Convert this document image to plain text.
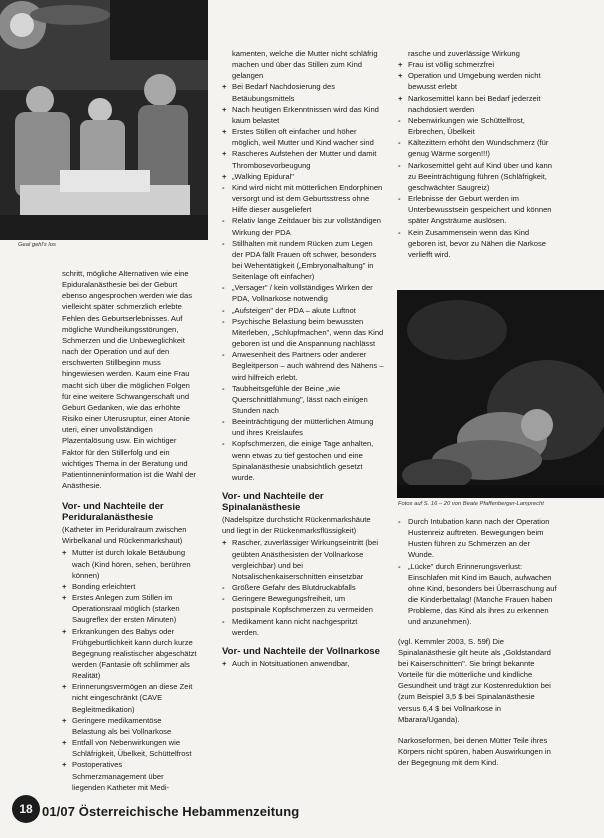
Geal gehl's los
Fotos auf S. 16 – 20 von Beate Pfaffenberger-Lamprecht

schritt, mögliche Alternativen wie eine Epiduralanästhesie bei der Geburt ebenso angesprochen werden wie das vielleicht später schmerzlich erlebte Fehlen des Geburtserlebnisses. Auf mögliche Wundheilungsstörungen, Schmerzen und die Unbeweglichkeit nach der Operation und auf den erschwerten Stillbeginn muss hingewiesen werden. Kaum eine Frau macht sich über die möglichen Folgen für eine weitere Schwangerschaft und Geburt Gedanken, wie das erhöhte Risiko einer Uterusruptur, einer Atonie uteri, einer unvollständigen Plazentalösung usw. Ein wichtiger Faktor für den Stillerfolg und ein wichtiges Thema in der Beratung und Patientinneninformation ist die Wahl der Anästhesie.

Vor- und Nachteile der Periduralanästhesie
(Katheter im Periduralraum zwischen Wirbelkanal und Rückenmarkshaut)
+ Mutter ist durch lokale Betäubung wach (Kind hören, sehen, berühren können)
+ Bonding erleichtert
+ Erstes Anlegen zum Stillen im Operationsraal möglich (starken Saugreflex der ersten Minuten)
+ Erkrankungen des Babys oder Frühgeburtlichkeit kann durch kurze Begegnung realistischer abgeschätzt werden (Fantasie oft schlimmer als Realität)
+ Erinnerungsvermögen an diese Zeit nicht eingeschränkt (CAVE Begleitmedikation)
+ Geringere medikamentöse Belastung als bei Vollnarkose
+ Entfall von Nebenwirkungen wie Schläfrigkeit, Übelkeit, Schüttelfrost
+ Postoperatives Schmerzmanagement über liegenden Katheter mit Medi-
kamenten, welche die Mutter nicht schläfrig machen und über das Stillen zum Kind gelangen
+ Bei Bedarf Nachdosierung des Betäubungsmittels
+ Nach heutigen Erkenntnissen wird das Kind kaum belastet
+ Erstes Stillen oft einfacher und höher möglich, weil Mutter und Kind wacher sind
+ Rascheres Aufstehen der Mutter und damit Thrombosevorbeugung
+ „Walking Epidural"
- Kind wird nicht mit mütterlichen Endorphinen versorgt und ist dem Geburtsstress ohne Hilfe dieser ausgeliefert
- Relativ lange Zeitdauer bis zur vollständigen Wirkung der PDA
- Stillhalten mit rundem Rücken zum Legen der PDA fällt Frauen oft schwer, besonders bei Wehentätigkeit („Embryonalhaltung" in Seitenlage oft einfacher)
- „Versager" / kein vollständiges Wirken der PDA, Vollnarkose notwendig
- „Aufsteigen" der PDA – akute Luftnot
- Psychische Belastung beim bewussten Miterleben, „Schlupfmachen", wenn das Kind geboren ist und die Anspannung nachlässt
- Anwesenheit des Partners oder anderer Begleitperson – auch während des Nähens – wird hilfreich erlebt.
- Taubheitsgefühle der Beine „wie Querschnittlähmung", lässt nach einigen Stunden nach
- Beeinträchtigung der mütterlichen Atmung und ihres Kreislaufes
- Kopfschmerzen, die einige Tage anhalten, wenn etwas zu tief gestochen und eine Spinalanästhesie unabsichtlich gesetzt wurde.
Vor- und Nachteile der Spinalanästhesie
(Nadelspitze durchsticht Rückenmarkshäute und liegt in der Rückenmarksflüssigkeit)
+ Rascher, zuverlässiger Wirkungseintritt (bei geübten Anästhesisten der Vollnarkose vergleichbar) und bei Notsalischenkaiserschnitten einsetzbar
- Größere Gefahr des Blutdruckabfalls
- Geringere Bewegungsfreiheit, um postspinale Kopfschmerzen zu vermeiden
- Medikament kann nicht nachgespritzt werden.
Vor- und Nachteile der Vollnarkose
+ Auch in Notsituationen anwendbar,
rasche und zuverlässige Wirkung
+ Frau ist völlig schmerzfrei
+ Operation und Umgebung werden nicht bewusst erlebt
+ Narkosemittel kann bei Bedarf jederzeit nachdosiert werden
- Nebenwirkungen wie Schüttelfrost, Erbrechen, Übelkeit
- Kältezittern erhöht den Wundschmerz (für genug Wärme sorgen!!!)
- Narkosemittel geht auf Kind über und kann zu Beeinträchtigung führen (Schläfrigkeit, geschwächter Saugreiz)
- Erlebnisse der Geburt werden im Unterbewusstsein gespeichert und können später Angsträume auslösen.
- Kein Zusammensein wenn das Kind geboren ist, bevor zu Nähen die Narkose verliefft wird.
- Durch Intubation kann nach der Operation Hustenreiz auftreten. Bewegungen beim Husten führen zu Schmerzen an der Wunde.
- „Lücke" durch Erinnerungsverlust: Einschlafen mit Kind im Bauch, aufwachen ohne Kind, besonders bei Überraschung auf die Kinderbettalag! (Manche Frauen haben Probleme, das Kind als ihres zu erkennen und anzunehmen).

(vgl. Kemmler 2003, S. 59f) Die Spinalanästhesie gilt heute als „Goldstandard bei Kaiserschnitten". Sie bringt bekannte Vorteile für die mütterliche und kindliche Gesundheit und trägt zur Kostenreduktion bei (zum Beispiel 3,5 $ bei Spinalanästhesie versus 6,4 $ bei Vollnarkose in Mbarara/Uganda).

Narkoseformen, bei denen Mütter Teile ihres Körpers nicht spüren, haben Auswirkungen in der Begegnung mit dem Kind.

18 01/07 Österreichische Hebammenzeitung
